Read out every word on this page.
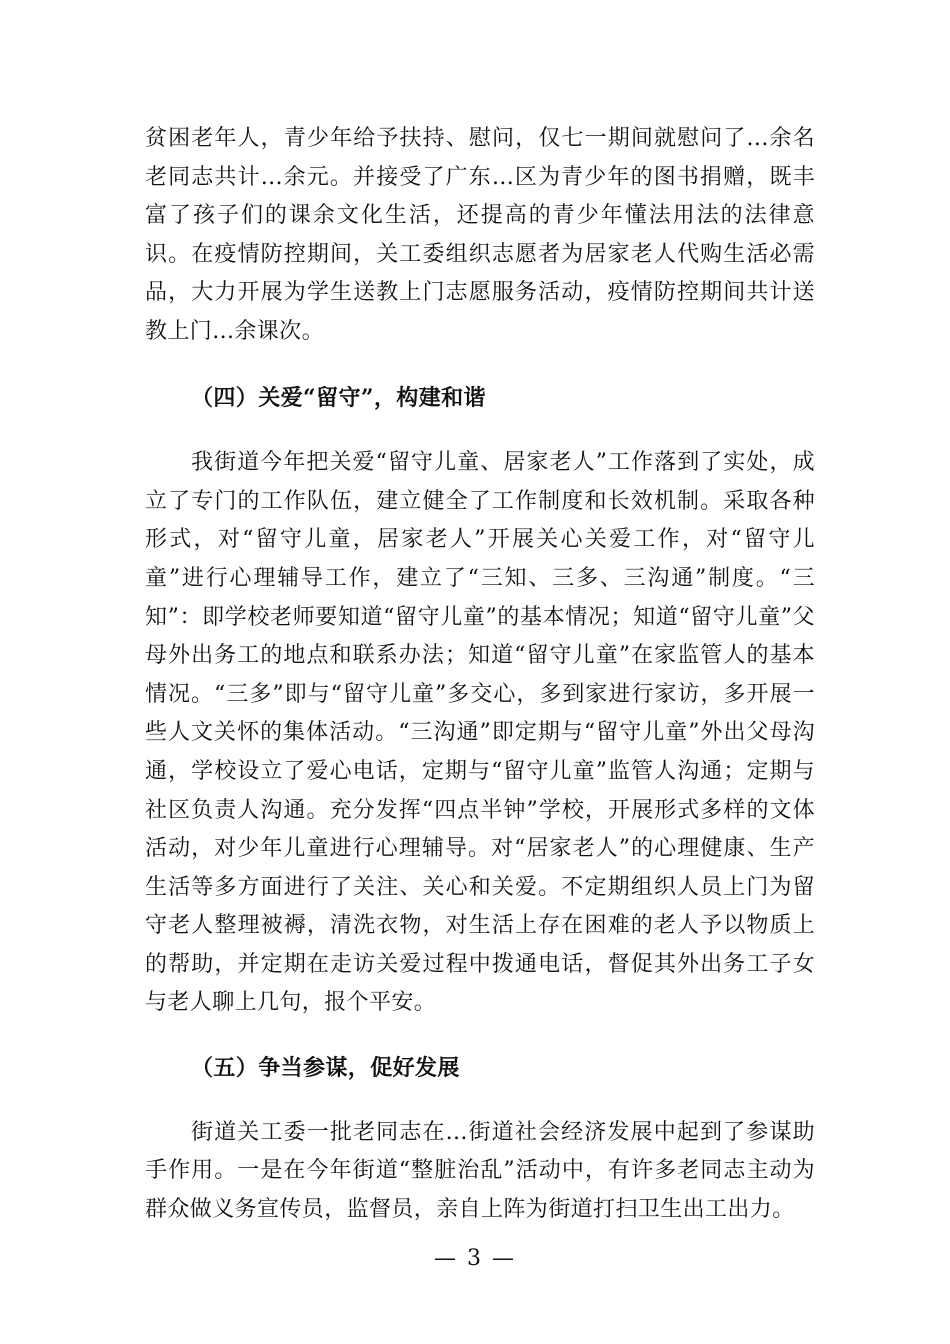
贫困老年人，青少年给予扶持、慰问，仅七一期间就慰问了...余名老同志共计...余元。并接受了广东...区为青少年的图书捐赠，既丰富了孩子们的课余文化生活，还提高的青少年懂法用法的法律意识。在疫情防控期间，关工委组织志愿者为居家老人代购生活必需品，大力开展为学生送教上门志愿服务活动，疫情防控期间共计送教上门...余课次。

（四）关爱“留守”，构建和谐

我街道今年把关爱“留守儿童、居家老人”工作落到了实处，成立了专门的工作队伍，建立健全了工作制度和长效机制。采取各种形式，对“留守儿童，居家老人”开展关心关爱工作，对“留守儿童”进行心理辅导工作，建立了“三知、三多、三沟通”制度。“三知”：即学校老师要知道“留守儿童”的基本情况；知道“留守儿童”父母外出务工的地点和联系办法；知道“留守儿童”在家监管人的基本情况。“三多”即与“留守儿童”多交心，多到家进行家访，多开展一些人文关怀的集体活动。“三沟通”即定期与“留守儿童”外出父母沟通，学校设立了爱心电话，定期与“留守儿童”监管人沟通；定期与社区负责人沟通。充分发挥“四点半钟”学校，开展形式多样的文体活动，对少年儿童进行心理辅导。对“居家老人”的心理健康、生产生活等多方面进行了关注、关心和关爱。不定期组织人员上门为留守老人整理被褥，清洗衣物，对生活上存在困难的老人予以物质上的帮助，并定期在走访关爱过程中拨通电话，督促其外出务工子女与老人聊上几句，报个平安。

（五）争当参谋，促好发展

街道关工委一批老同志在...街道社会经济发展中起到了参谋助手作用。一是在今年街道“整脏治乱”活动中，有许多老同志主动为群众做义务宣传员，监督员，亲自上阵为街道打扫卫生出工出力。

— 3 —
